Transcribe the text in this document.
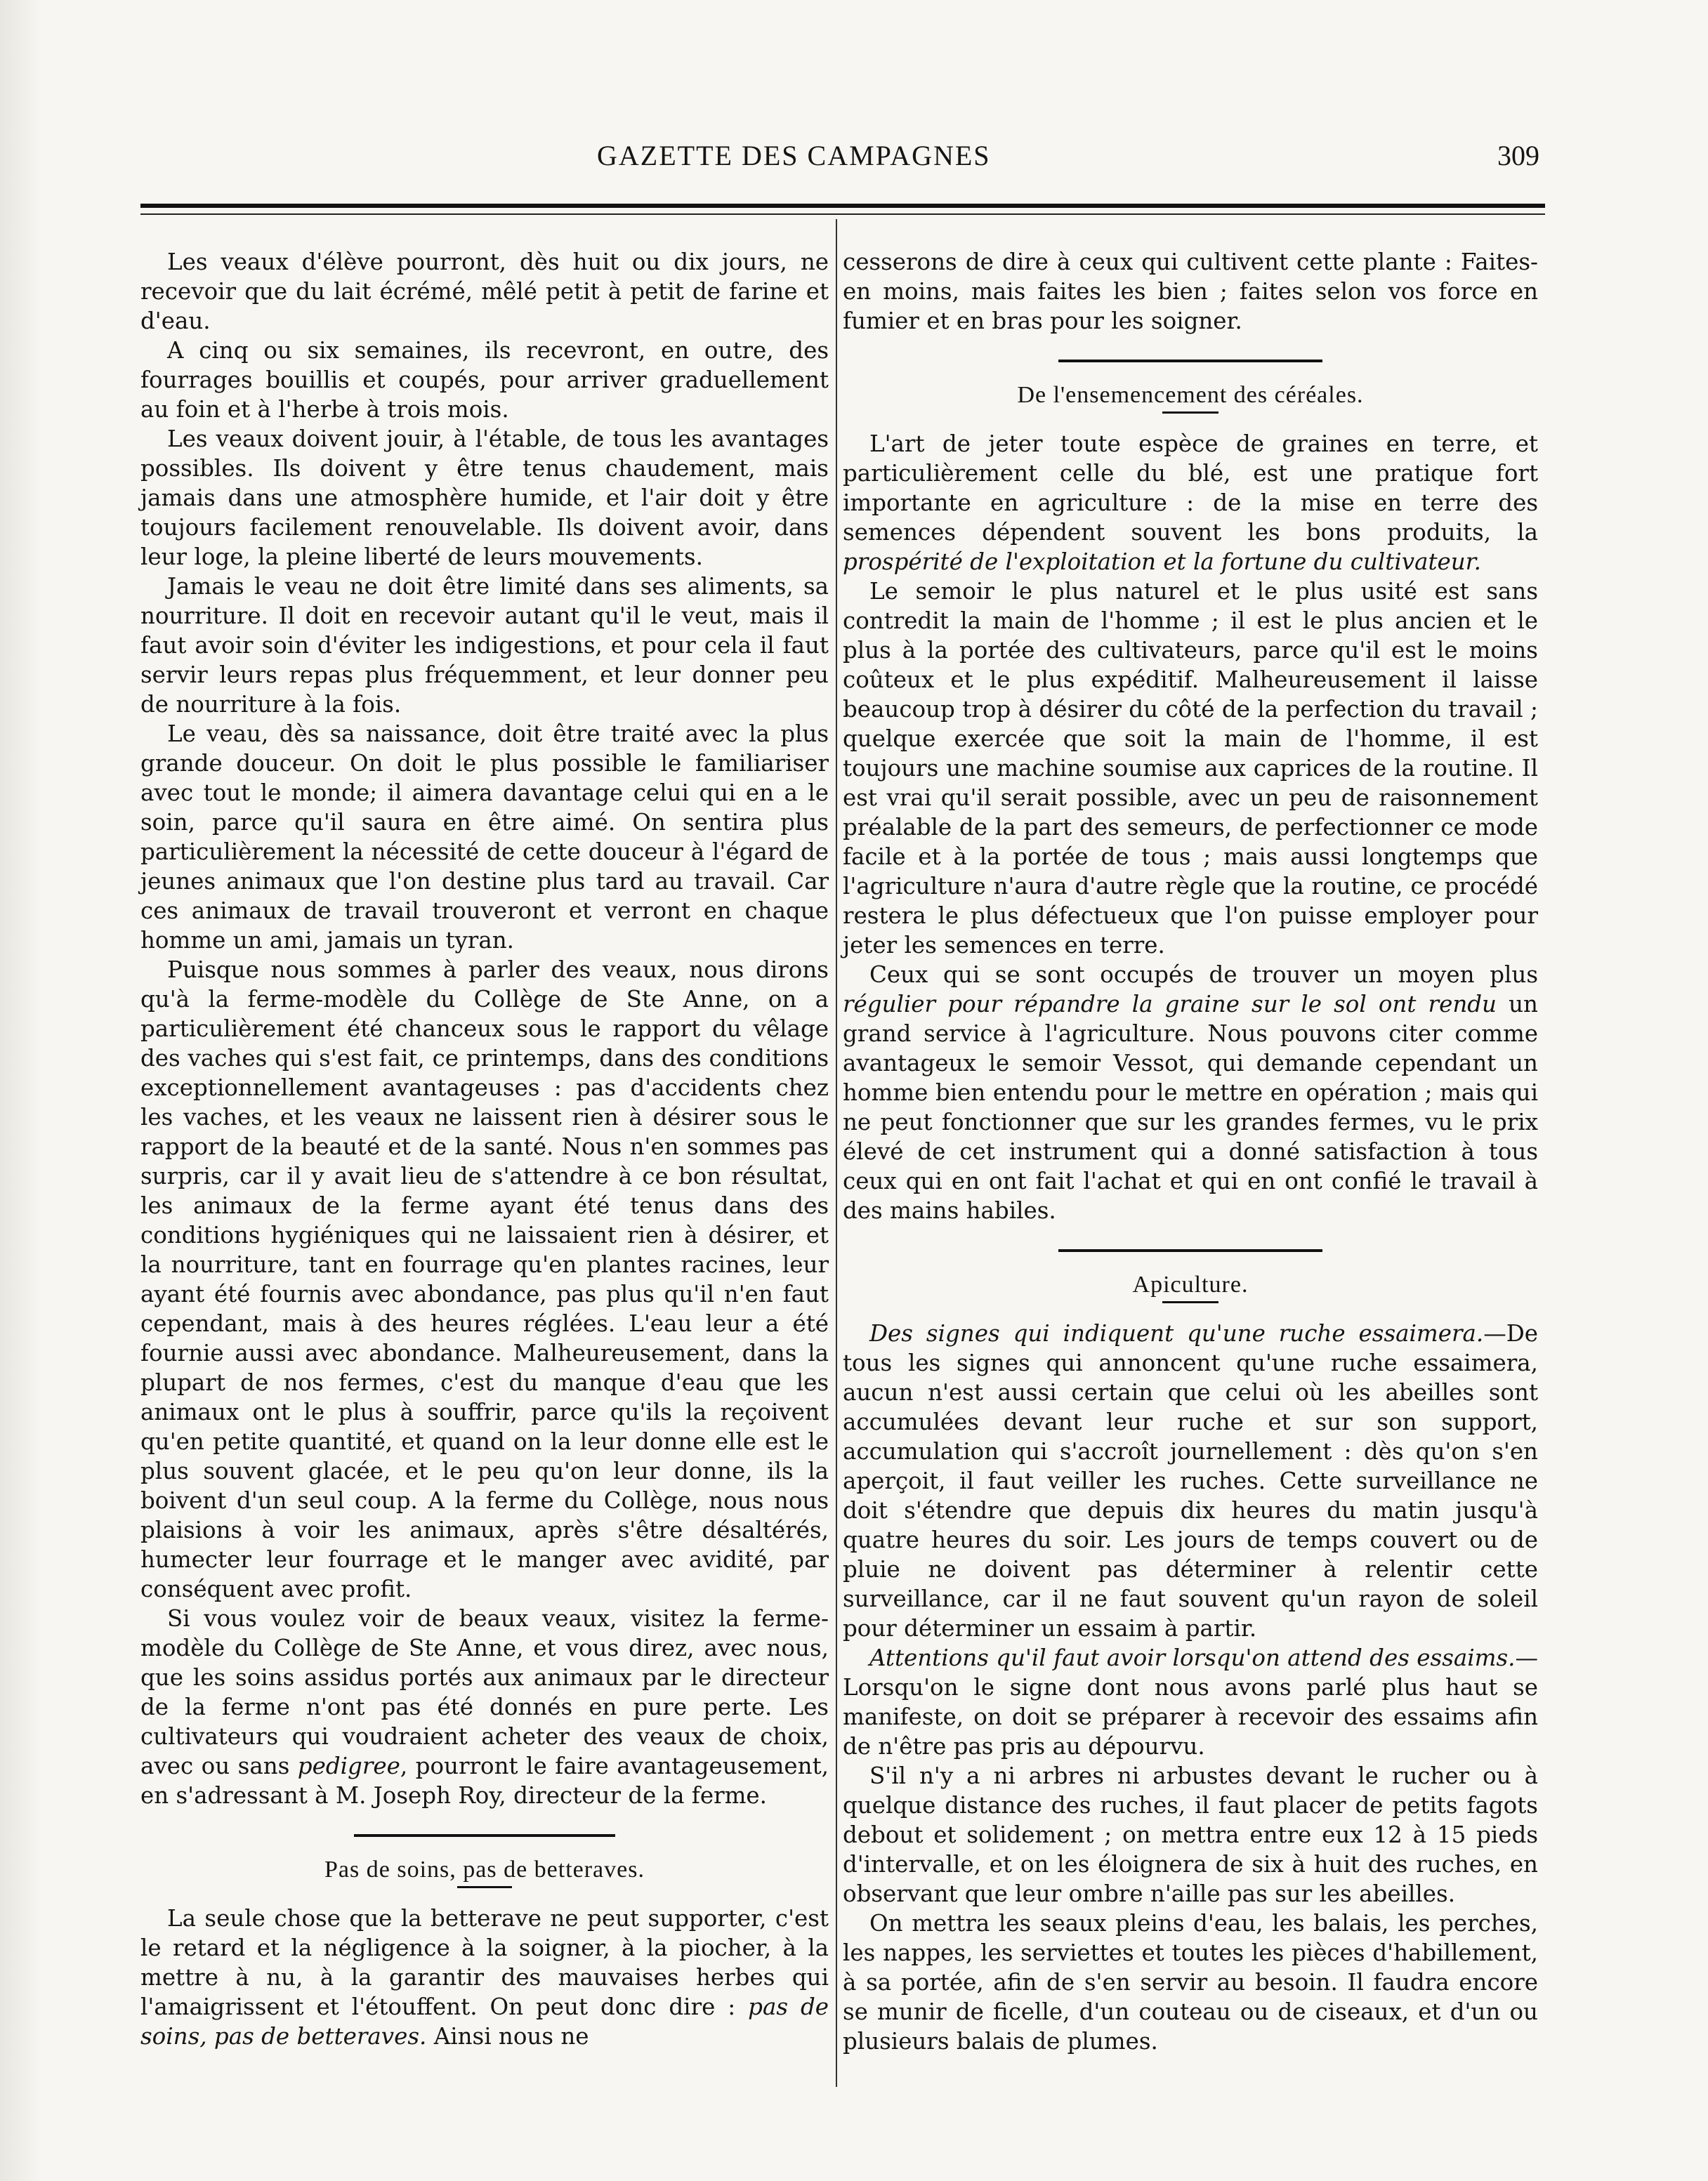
GAZETTE DES CAMPAGNES	309

Les veaux d'élève pourront, dès huit ou dix jours, ne recevoir que du lait écrémé, mêlé petit à petit de farine et d'eau.

A cinq ou six semaines, ils recevront, en outre, des fourrages bouillis et coupés, pour arriver graduellement au foin et à l'herbe à trois mois.

Les veaux doivent jouir, à l'étable, de tous les avantages possibles. Ils doivent y être tenus chaudement, mais jamais dans une atmosphère humide, et l'air doit y être toujours facilement renouvelable. Ils doivent avoir, dans leur loge, la pleine liberté de leurs mouvements.

Jamais le veau ne doit être limité dans ses aliments, sa nourriture. Il doit en recevoir autant qu'il le veut, mais il faut avoir soin d'éviter les indigestions, et pour cela il faut servir leurs repas plus fréquemment, et leur donner peu de nourriture à la fois.

Le veau, dès sa naissance, doit être traité avec la plus grande douceur. On doit le plus possible le familiariser avec tout le monde; il aimera davantage celui qui en a le soin, parce qu'il saura en être aimé. On sentira plus particulièrement la nécessité de cette douceur à l'égard de jeunes animaux que l'on destine plus tard au travail. Car ces animaux de travail trouveront et verront en chaque homme un ami, jamais un tyran.

Puisque nous sommes à parler des veaux, nous dirons qu'à la ferme-modèle du Collège de Ste Anne, on a particulièrement été chanceux sous le rapport du vêlage des vaches qui s'est fait, ce printemps, dans des conditions exceptionnellement avantageuses : pas d'accidents chez les vaches, et les veaux ne laissent rien à désirer sous le rapport de la beauté et de la santé. Nous n'en sommes pas surpris, car il y avait lieu de s'attendre à ce bon résultat, les animaux de la ferme ayant été tenus dans des conditions hygiéniques qui ne laissaient rien à désirer, et la nourriture, tant en fourrage qu'en plantes racines, leur ayant été fournis avec abondance, pas plus qu'il n'en faut cependant, mais à des heures réglées. L'eau leur a été fournie aussi avec abondance. Malheureusement, dans la plupart de nos fermes, c'est du manque d'eau que les animaux ont le plus à souffrir, parce qu'ils la reçoivent qu'en petite quantité, et quand on la leur donne elle est le plus souvent glacée, et le peu qu'on leur donne, ils la boivent d'un seul coup. A la ferme du Collège, nous nous plaisions à voir les animaux, après s'être désaltérés, humecter leur fourrage et le manger avec avidité, par conséquent avec profit.

Si vous voulez voir de beaux veaux, visitez la ferme-modèle du Collège de Ste Anne, et vous direz, avec nous, que les soins assidus portés aux animaux par le directeur de la ferme n'ont pas été donnés en pure perte. Les cultivateurs qui voudraient acheter des veaux de choix, avec ou sans pedigree, pourront le faire avantageusement, en s'adressant à M. Joseph Roy, directeur de la ferme.

Pas de soins, pas de betteraves.

La seule chose que la betterave ne peut supporter, c'est le retard et la négligence à la soigner, à la piocher, à la mettre à nu, à la garantir des mauvaises herbes qui l'amaigrissent et l'étouffent. On peut donc dire : pas de soins, pas de betteraves. Ainsi nous ne

cesserons de dire à ceux qui cultivent cette plante : Faites-en moins, mais faites les bien ; faites selon vos force en fumier et en bras pour les soigner.

De l'ensemencement des céréales.

L'art de jeter toute espèce de graines en terre, et particulièrement celle du blé, est une pratique fort importante en agriculture : de la mise en terre des semences dépendent souvent les bons produits, la prospérité de l'exploitation et la fortune du cultivateur.

Le semoir le plus naturel et le plus usité est sans contredit la main de l'homme ; il est le plus ancien et le plus à la portée des cultivateurs, parce qu'il est le moins coûteux et le plus expéditif. Malheureusement il laisse beaucoup trop à désirer du côté de la perfection du travail ; quelque exercée que soit la main de l'homme, il est toujours une machine soumise aux caprices de la routine. Il est vrai qu'il serait possible, avec un peu de raisonnement préalable de la part des semeurs, de perfectionner ce mode facile et à la portée de tous ; mais aussi longtemps que l'agriculture n'aura d'autre règle que la routine, ce procédé restera le plus défectueux que l'on puisse employer pour jeter les semences en terre.

Ceux qui se sont occupés de trouver un moyen plus régulier pour répandre la graine sur le sol ont rendu un grand service à l'agriculture. Nous pouvons citer comme avantageux le semoir Vessot, qui demande cependant un homme bien entendu pour le mettre en opération ; mais qui ne peut fonctionner que sur les grandes fermes, vu le prix élevé de cet instrument qui a donné satisfaction à tous ceux qui en ont fait l'achat et qui en ont confié le travail à des mains habiles.

Apiculture.

Des signes qui indiquent qu'une ruche essaimera.—De tous les signes qui annoncent qu'une ruche essaimera, aucun n'est aussi certain que celui où les abeilles sont accumulées devant leur ruche et sur son support, accumulation qui s'accroît journellement : dès qu'on s'en aperçoit, il faut veiller les ruches. Cette surveillance ne doit s'étendre que depuis dix heures du matin jusqu'à quatre heures du soir. Les jours de temps couvert ou de pluie ne doivent pas déterminer à relentir cette surveillance, car il ne faut souvent qu'un rayon de soleil pour déterminer un essaim à partir.

Attentions qu'il faut avoir lorsqu'on attend des essaims.—Lorsqu'on le signe dont nous avons parlé plus haut se manifeste, on doit se préparer à recevoir des essaims afin de n'être pas pris au dépourvu.

S'il n'y a ni arbres ni arbustes devant le rucher ou à quelque distance des ruches, il faut placer de petits fagots debout et solidement ; on mettra entre eux 12 à 15 pieds d'intervalle, et on les éloignera de six à huit des ruches, en observant que leur ombre n'aille pas sur les abeilles.

On mettra les seaux pleins d'eau, les balais, les perches, les nappes, les serviettes et toutes les pièces d'habillement, à sa portée, afin de s'en servir au besoin. Il faudra encore se munir de ficelle, d'un couteau ou de ciseaux, et d'un ou plusieurs balais de plumes.
